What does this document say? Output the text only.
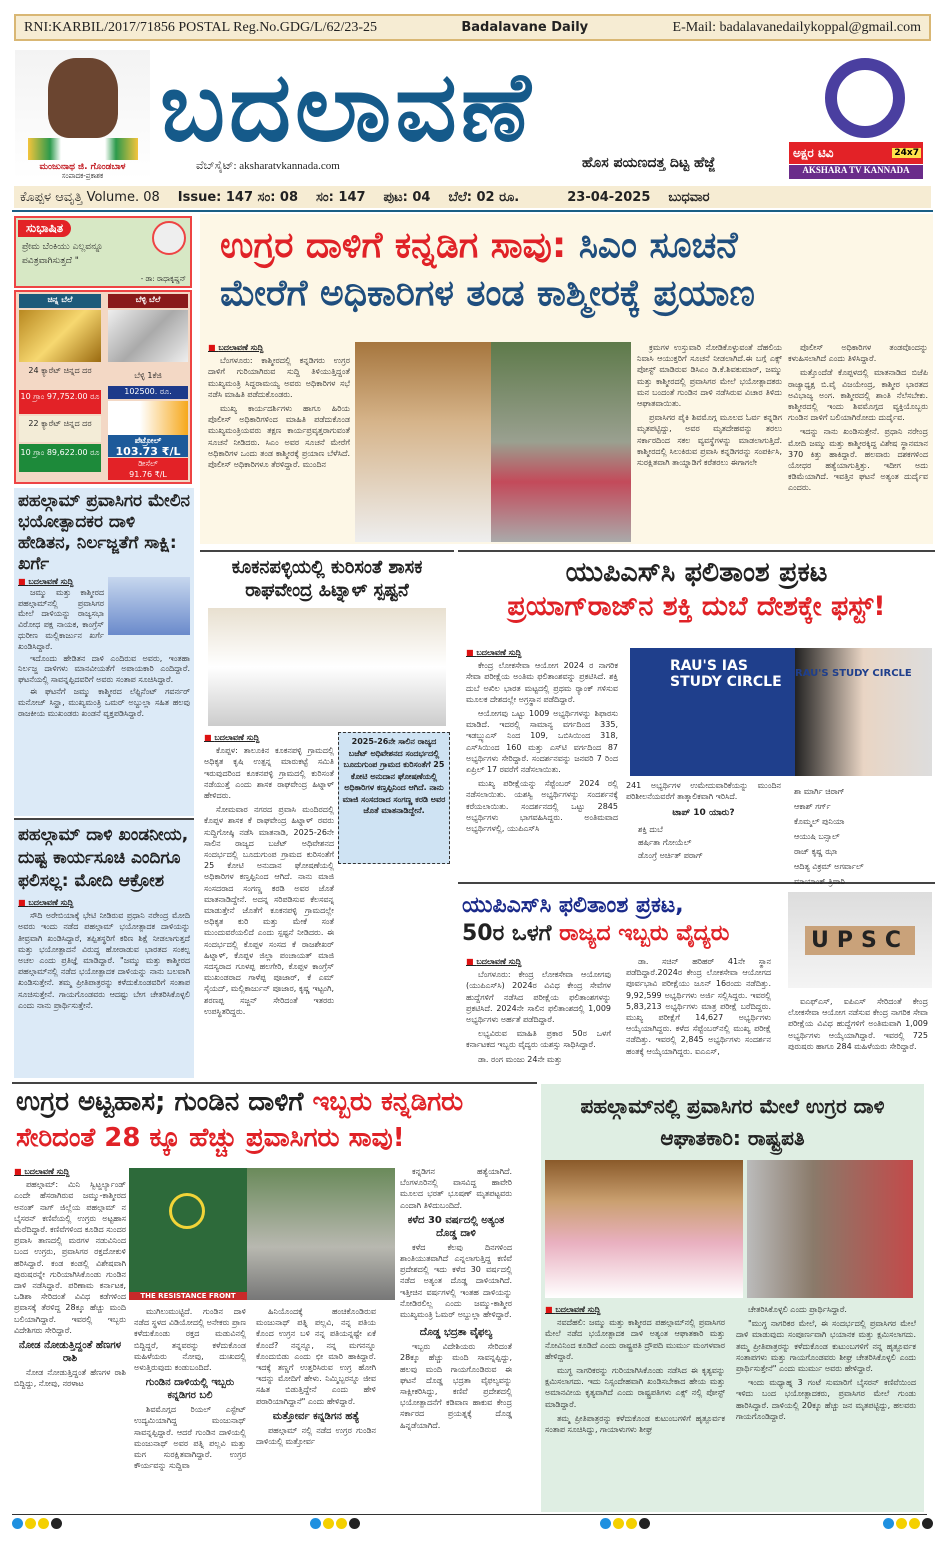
RNI:KARBIL/2017/71856 POSTAL Reg.No.GDG/L/62/23-25	Badalavane Daily	E-Mail: badalavanedailykoppal@gmail.com
ಮಂಜುನಾಥ ಜಿ. ಗೊಂಡಬಾಳ
ಸಂಪಾದಕ-ಪ್ರಕಾಶಕ
ಬದಲಾವಣೆ
ವೆಬ್‌ಸೈಟ್: aksharatvkannada.com	ಹೊಸ ಪಯಣದತ್ತ ದಿಟ್ಟ ಹೆಜ್ಜೆ
ಅಕ್ಷರ ಟಿವಿ	24x7
AKSHARA TV KANNADA
ಕೊಪ್ಪಳ ಆವೃತ್ತಿ Volume. 08 Issue: 147 ಸಂ: 08 ಸಂ: 147 ಪುಟ: 04 ಬೆಲೆ: 02 ರೂ.	23-04-2025 ಬುಧವಾರ
ಸುಭಾಷಿತ
ಪ್ರೇಮ ಬೆಂಕಿಯು ಎಲ್ಲವನ್ನೂ ಪವಿತ್ರವಾಗಿಸುತ್ತದೆ "
- ಡಾ: ರಾಧಾಕೃಷ್ಣನ್
ಚಿನ್ನ ಬೆಲೆ	ಬೆಳ್ಳಿ ಬೆಲೆ
24 ಕ್ಯಾರೆಟ್ ಚಿನ್ನದ ದರ
10 ಗ್ರಾಂ 97,752.00 ರೂ
22 ಕ್ಯಾರೆಟ್ ಚಿನ್ನದ ದರ
10 ಗ್ರಾಂ 89,622.00 ರೂ
ಬೆಳ್ಳಿ 1ಕೆಜಿ
102500. ರೂ.
ಪೆಟ್ರೋಲ್
103.73 ₹/L
ಡೀಸೆಲ್
91.76 ₹/L
ಉಗ್ರರ ದಾಳಿಗೆ ಕನ್ನಡಿಗ ಸಾವು: ಸಿಎಂ ಸೂಚನೆ
ಮೇರೆಗೆ ಅಧಿಕಾರಿಗಳ ತಂಡ ಕಾಶ್ಮೀರಕ್ಕೆ ಪ್ರಯಾಣ
■ ಬದಲಾವಣೆ ಸುದ್ದಿ

ಬೆಂಗಳೂರು: ಕಾಶ್ಮೀರದಲ್ಲಿ ಕನ್ನಡಿಗರು ಉಗ್ರರ ದಾಳಿಗೆ ಗುರಿಯಾಗಿರುವ ಸುದ್ದಿ ತಿಳಿಯುತ್ತಿದ್ದಂತೆ ಮುಖ್ಯಮಂತ್ರಿ ಸಿದ್ದರಾಮಯ್ಯ ಅವರು ಅಧಿಕಾರಿಗಳ ಸಭೆ ನಡೆಸಿ ಮಾಹಿತಿ ಪಡೆದುಕೊಂಡರು.

ಮುಖ್ಯ ಕಾರ್ಯದರ್ಶಿಗಳು ಹಾಗೂ ಹಿರಿಯ ಪೊಲೀಸ್ ಅಧಿಕಾರಿಗಳಿಂದ ಮಾಹಿತಿ ಪಡೆದುಕೊಂಡ ಮುಖ್ಯಮಂತ್ರಿಯವರು ತಕ್ಷಣ ಕಾರ್ಯಪ್ರವೃತ್ತರಾಗುವಂತೆ ಸೂಚನೆ ನೀಡಿದರು. ಸಿಎಂ ಅವರ ಸೂಚನೆ ಮೇರೆಗೆ ಅಧಿಕಾರಿಗಳ ಒಂದು ತಂಡ ಕಾಶ್ಮೀರಕ್ಕೆ ಪ್ರಯಾಣ ಬೆಳೆಸಿದೆ. ಪೊಲೀಸ್ ಅಧಿಕಾರಿಗಳೂ ತೆರಳಿದ್ದಾರೆ. ಮುಂದಿನ

ಕ್ರಮಗಳ ಉಸ್ತುವಾರಿ ನೋಡಿಕೊಳ್ಳುವಂತೆ ದೆಹಲಿಯ ನಿವಾಸಿ ಆಯುಕ್ತರಿಗೆ ಸೂಚನೆ ನೀಡಲಾಗಿದೆ.ಈ ಬಗ್ಗೆ ಎಕ್ಸ್ ಪೋಸ್ಟ್ ಮಾಡಿರುವ ಡಿಸಿಎಂ ಡಿ.ಕೆ.ಶಿವಕುಮಾರ್, ಜಮ್ಮು ಮತ್ತು ಕಾಶ್ಮೀರದಲ್ಲಿ ಪ್ರವಾಸಿಗರ ಮೇಲೆ ಭಯೋತ್ಪಾದಕರು ಮನ ಬಂದಂತೆ ಗುಂಡಿನ ದಾಳಿ ನಡೆಸಿರುವ ವಿಚಾರ ತಿಳಿದು ಆಘಾತವಾಯಿತು.

ಪ್ರವಾಸಿಗರ ಪೈಕಿ ಶಿವಮೊಗ್ಗ ಮೂಲದ ಓರ್ವ ಕನ್ನಡಿಗ ಮೃತಪಟ್ಟಿದ್ದು, ಅವರ ಮೃತದೇಹವನ್ನು ತರಲು ಸರ್ಕಾರದಿಂದ ಸಕಲ ವ್ಯವಸ್ಥೆಗಳನ್ನು ಮಾಡಲಾಗುತ್ತಿದೆ. ಕಾಶ್ಮೀರದಲ್ಲಿ ಸಿಲುಕಿರುವ ಪ್ರವಾಸಿ ಕನ್ನಡಿಗರನ್ನು ಸಂಪರ್ಕಿಸಿ, ಸುರಕ್ಷಿತವಾಗಿ ತಾಯ್ನಾಡಿಗೆ ಕರೆತರಲು ಈಗಾಗಲೇ

ಪೊಲೀಸ್ ಅಧಿಕಾರಿಗಳ ತಂಡವೊಂದನ್ನು ಕಳುಹಿಸಲಾಗಿದೆ ಎಂದು ತಿಳಿಸಿದ್ದಾರೆ.

ಮತ್ತೊಂದೆಡೆ ಕೊಪ್ಪಳದಲ್ಲಿ ಮಾತನಾಡಿದ ಬಿಜೆಪಿ ರಾಜ್ಯಾಧ್ಯಕ್ಷ ಬಿ.ವೈ ವಿಜಯೇಂದ್ರ, ಕಾಶ್ಮೀರ ಭಾರತದ ಅವಿಭಾಜ್ಯ ಅಂಗ. ಕಾಶ್ಮೀರದಲ್ಲಿ ಶಾಂತಿ ನೆಲೆಸಬೇಕು. ಕಾಶ್ಮೀರದಲ್ಲಿ ಇಂದು ಶಿವಮೊಗ್ಗದ ವ್ಯಕ್ತಿಯೊಬ್ಬರು ಗುಂಡಿನ ದಾಳಿಗೆ ಬಲಿಯಾಗಿರೋದು ದುರ್ದೈವ.

ಇದನ್ನು ನಾನು ಖಂಡಿಸುತ್ತೇನೆ. ಪ್ರಧಾನಿ ನರೇಂದ್ರ ಮೋದಿ ಜಮ್ಮು ಮತ್ತು ಕಾಶ್ಮೀರಕ್ಕಿದ್ದ ವಿಶೇಷ ಸ್ಥಾನಮಾನ 370 ಕಿತ್ತು ಹಾಕಿದ್ದಾರೆ. ಹಲವಾರು ದಶಕಗಳಿಂದ ಯೋಧರ ಹತ್ಯೆಯಾಗುತ್ತಿತ್ತು. ಇದೀಗ ಅದು ಕಡಿಮೆಯಾಗಿದೆ. ಇವತ್ತಿನ ಘಟನೆ ಅತ್ಯಂತ ದುರ್ದೈವ ಎಂದರು.

ಪಹಲ್ಗಾಮ್ ಪ್ರವಾಸಿಗರ ಮೇಲಿನ ಭಯೋತ್ಪಾದಕರ ದಾಳಿ ಹೇಡಿತನ, ನಿರ್ಲಜ್ಜತೆಗೆ ಸಾಕ್ಷಿ: ಖರ್ಗೆ
■ ಬದಲಾವಣೆ ಸುದ್ದಿ

ಜಮ್ಮು ಮತ್ತು ಕಾಶ್ಮೀರದ ಪಹಲ್ಗಾಮ್‌ನಲ್ಲಿ ಪ್ರವಾಸಿಗರ ಮೇಲೆ ದಾಳಿಯನ್ನು ರಾಜ್ಯಸಭಾ ವಿರೋಧ ಪಕ್ಷ ನಾಯಕ, ಕಾಂಗ್ರೆಸ್ ಧುರೀಣ ಮಲ್ಲಿಕಾರ್ಜುನ ಖರ್ಗೆ ಖಂಡಿಸಿದ್ದಾರೆ.

ಇದೊಂದು ಹೇಡಿತನ ದಾಳಿ ಎಂದಿರುವ ಅವರು, ಇಂತಹಾ ನಿರ್ಲಜ್ಜ ದಾಳಿಗಳು ಮಾನವೀಯತೆಗೆ ಅಪಾಯಕಾರಿ ಎಂದಿದ್ದಾರೆ. ಘಟನೆಯಲ್ಲಿ ಸಾವನ್ನಪ್ಪಿದವರಿಗೆ ಅವರು ಸಂತಾಪ ಸೂಚಿಸಿದ್ದಾರೆ.

ಈ ಘಟನೆಗೆ ಜಮ್ಮು ಕಾಶ್ಮೀರದ ಲೆಫ್ಟಿನೆಂಟ್ ಗವರ್ನರ್ ಮನೋಜ್ ಸಿನ್ಹಾ, ಮುಖ್ಯಮಂತ್ರಿ ಒಮರ್ ಅಬ್ದುಲ್ಲಾ ಸಹಿತ ಹಲವು ರಾಜಕೀಯ ಮುಖಂಡರು ಖಂಡನೆ ವ್ಯಕ್ತಪಡಿಸಿದ್ದಾರೆ.

ಪಹಲ್ಗಾಮ್ ದಾಳಿ ಖಂಡನೀಯ, ದುಷ್ಟ ಕಾರ್ಯಸೂಚಿ ಎಂದಿಗೂ ಫಲಿಸಲ್ಲ: ಮೋದಿ ಆಕ್ರೋಶ
■ ಬದಲಾವಣೆ ಸುದ್ದಿ

ಸೌದಿ ಅರೇಬಿಯಾಕ್ಕೆ ಭೇಟಿ ನೀಡಿರುವ ಪ್ರಧಾನಿ ನರೇಂದ್ರ ಮೋದಿ ಅವರು ಇಂದು ನಡೆದ ಪಹಲ್ಗಾಮ್ ಭಯೋತ್ಪಾದಕ ದಾಳಿಯನ್ನು ತೀವ್ರವಾಗಿ ಖಂಡಿಸಿದ್ದಾರೆ, ತಪ್ಪಿತಸ್ಥರಿಗೆ ಕಠಿಣ ಶಿಕ್ಷೆ ನೀಡಲಾಗುತ್ತದೆ ಮತ್ತು ಭಯೋತ್ಪಾದನೆ ವಿರುದ್ಧ ಹೋರಾಡುವ ಭಾರತದ ಸಂಕಲ್ಪ ಅಚಲ ಎಂದು ಪ್ರತಿಜ್ಞೆ ಮಾಡಿದ್ದಾರೆ. "ಜಮ್ಮು ಮತ್ತು ಕಾಶ್ಮೀರದ ಪಹಲ್ಗಾಮ್‌ನಲ್ಲಿ ನಡೆದ ಭಯೋತ್ಪಾದಕ ದಾಳಿಯನ್ನು ನಾನು ಬಲವಾಗಿ ಖಂಡಿಸುತ್ತೇನೆ. ತಮ್ಮ ಪ್ರೀತಿಪಾತ್ರರನ್ನು ಕಳೆದುಕೊಂಡವರಿಗೆ ಸಂತಾಪ ಸೂಚಿಸುತ್ತೇನೆ. ಗಾಯಗೊಂಡವರು ಆದಷ್ಟು ಬೇಗ ಚೇತರಿಸಿಕೊಳ್ಳಲಿ ಎಂದು ನಾನು ಪ್ರಾರ್ಥಿಸುತ್ತೇನೆ.

ಕೂಕನಪಳ್ಳಿಯಲ್ಲಿ ಕುರಿಸಂತೆ ಶಾಸಕ ರಾಘವೇಂದ್ರ ಹಿಟ್ನಾಳ್ ಸ್ಪಷ್ಟನೆ
2025-26ನೇ ಸಾಲಿನ ರಾಜ್ಯದ ಬಜೆಟ್ ಅಧಿವೇಶನದ ಸಂದರ್ಭದಲ್ಲಿ ಬೂದುಗುಂಪ ಗ್ರಾಮದ ಕುರಿಸಂತೆಗೆ 25 ಕೋಟಿ ಅನುದಾನ ಘೋಷಣೆಯಲ್ಲಿ ಅಧಿಕಾರಿಗಳ ಕಣ್ತಪ್ಪಿನಿಂದ ಆಗಿದೆ. ನಾನು ಮಾಜಿ ಸಂಸದರಾದ ಸಂಗಣ್ಣ ಕರಡಿ ಅವರ ಜೊತೆ ಮಾತನಾಡಿದ್ದೇನೆ.
■ ಬದಲಾವಣೆ ಸುದ್ದಿ

ಕೊಪ್ಪಳ: ತಾಲೂಕಿನ ಕೂಕನಪಳ್ಳಿ ಗ್ರಾಮದಲ್ಲಿ ಅಧಿಕೃತ ಕೃಷಿ ಉತ್ಪನ್ನ ಮಾರುಕಟ್ಟೆ ಸಮಿತಿ ಇರುವುದರಿಂದ ಕೂಕನಪಳ್ಳಿ ಗ್ರಾಮದಲ್ಲಿ ಕುರಿಸಂತೆ ನಡೆಯುತ್ತೆ ಎಂದು ಶಾಸಕ ರಾಘವೇಂದ್ರ ಹಿಟ್ನಾಳ್ ಹೇಳಿದರು.

ಸೋಮವಾರ ನಗರದ ಪ್ರವಾಸಿ ಮಂದಿರದಲ್ಲಿ ಕೊಪ್ಪಳ ಶಾಸಕ ಕೆ ರಾಘವೇಂದ್ರ ಹಿಟ್ನಾಳ್ ರವರು ಸುದ್ದಿಗೋಷ್ಠಿ ನಡೆಸಿ ಮಾತನಾಡಿ, 2025-26ನೇ ಸಾಲಿನ ರಾಜ್ಯದ ಬಜೆಟ್ ಅಧಿವೇಶನದ ಸಂದರ್ಭದಲ್ಲಿ ಬೂದುಗುಂಪ ಗ್ರಾಮದ ಕುರಿಸಂತೆಗೆ 25 ಕೋಟಿ ಅನುದಾನ ಘೋಷಣೆಯಲ್ಲಿ ಅಧಿಕಾರಿಗಳ ಕಣ್ತಪ್ಪಿನಿಂದ ಆಗಿದೆ. ನಾನು ಮಾಜಿ ಸಂಸದರಾದ ಸಂಗಣ್ಣ ಕರಡಿ ಅವರ ಜೊತೆ ಮಾತನಾಡಿದ್ದೇನೆ. ಅದನ್ನ ಸರಿಪಡಿಸುವ ಕೆಲಸವನ್ನ ಮಾಡುತ್ತೇನೆ ಜೊತೆಗೆ ಕೂಕನಪಳ್ಳಿ ಗ್ರಾಮದಲ್ಲೇ ಅಧಿಕೃತ ಕುರಿ ಮತ್ತು ಮೇಕೆ ಸಂತೆ ಮುಂದುವರೆಯಲಿದೆ ಎಂದು ಸ್ಪಷ್ಟನೆ ನೀಡಿದರು. ಈ ಸಂದರ್ಭದಲ್ಲಿ ಕೊಪ್ಪಳ ಸಂಸದ ಕೆ ರಾಜಶೇಖರ್ ಹಿಟ್ನಾಳ್, ಕೊಪ್ಪಳ ಜಿಲ್ಲಾ ಪಂಚಾಯತ್ ಮಾಜಿ ಸದಸ್ಯರಾದ ಗೂಳಪ್ಪ ಹಲಗೇರಿ, ಕೊಪ್ಪಳ ಕಾಂಗ್ರೆಸ್ ಮುಖಂಡರಾದ ಗಾಳೆಪ್ಪ ಪೂಜಾರ್, ಕೆ ಎಮ್ ಸೈಯದ್, ಮಲ್ಲಿಕಾರ್ಜುನ್ ಪೂಜಾರ, ಕೃಷ್ಣ ಇಟ್ಟಂಗಿ, ಶರಣಪ್ಪ ಸಜ್ಜನ್ ಸೇರಿದಂತೆ ಇತರರು ಉಪಸ್ಥಿತರಿದ್ದರು.

ಯುಪಿಎಸ್‌ಸಿ ಫಲಿತಾಂಶ ಪ್ರಕಟ
ಪ್ರಯಾಗ್‌ರಾಜ್‌ನ ಶಕ್ತಿ ದುಬೆ ದೇಶಕ್ಕೇ ಫಸ್ಟ್!
■ ಬದಲಾವಣೆ ಸುದ್ದಿ

ಕೇಂದ್ರ ಲೋಕಸೇವಾ ಆಯೋಗ 2024 ರ ನಾಗರಿಕ ಸೇವಾ ಪರೀಕ್ಷೆಯ ಅಂತಿಮ ಫಲಿತಾಂಶವನ್ನು ಪ್ರಕಟಿಸಿದೆ. ಶಕ್ತಿ ದುಬೆ ಅಖಿಲ ಭಾರತ ಮಟ್ಟದಲ್ಲಿ ಪ್ರಥಮ ರ‍್ಯಾಂಕ್ ಗಳಿಸುವ ಮೂಲಕ ದೇಶದಲ್ಲೇ ಅಗ್ರಸ್ಥಾನ ಪಡೆದಿದ್ದಾರೆ.

ಆಯೋಗವು ಒಟ್ಟು 1009 ಅಭ್ಯರ್ಥಿಗಳನ್ನು ಶಿಫಾರಸು ಮಾಡಿದೆ. ಇದರಲ್ಲಿ ಸಾಮಾನ್ಯ ವರ್ಗದಿಂದ 335, ಇಡಬ್ಲ್ಯುಎಸ್ ನಿಂದ 109, ಒಬಿಸಿಯಿಂದ 318, ಎಸ್‌ಸಿಯಿಂದ 160 ಮತ್ತು ಎಸ್‌ಟಿ ವರ್ಗದಿಂದ 87 ಅಭ್ಯರ್ಥಿಗಳು ಸೇರಿದ್ದಾರೆ. ಸಂದರ್ಶನವನ್ನು ಜನವರಿ 7 ರಿಂದ ಏಪ್ರಿಲ್ 17 ರವರೆಗೆ ನಡೆಸಲಾಯಿತು.

ಮುಖ್ಯ ಪರೀಕ್ಷೆಯನ್ನು ಸೆಪ್ಟೆಂಬರ್ 2024 ರಲ್ಲಿ ನಡೆಸಲಾಯಿತು. ಯಶಸ್ವಿ ಅಭ್ಯರ್ಥಿಗಳನ್ನು ಸಂದರ್ಶನಕ್ಕೆ ಕರೆಯಲಾಯಿತು. ಸಂದರ್ಶನದಲ್ಲಿ ಒಟ್ಟು 2845 ಅಭ್ಯರ್ಥಿಗಳು ಭಾಗವಹಿಸಿದ್ದರು. ಅಂತಿಮವಾದ ಅಭ್ಯರ್ಥಿಗಳಲ್ಲಿ, ಯುಪಿಎಸ್‌ಸಿ

RAU'S IAS STUDY CIRCLE
RAU'S STUDY CIRCLE
241 ಅಭ್ಯರ್ಥಿಗಳ ಉಮೇದುವಾರಿಕೆಯನ್ನು ಮುಂದಿನ ಪರಿಶೀಲನೆಯವರೆಗೆ ತಾತ್ಕಾಲಿಕವಾಗಿ ಇರಿಸಿದೆ.
ಟಾಪ್ 10 ಯಾರು?
ಶಕ್ತಿ ದುಬೆ
ಹರ್ಷಿತಾ ಗೋಯೆಲ್
ಡೊಂಗ್ರೆ ಅರ್ಚಿತ್ ಪರಾಗ್
ಶಾ ಮಾರ್ಗಿ ಚಿರಾಗ್
ಆಕಾಶ್ ಗರ್ಗ್
ಕೊಮ್ಮಲ್ ಪುನಿಯಾ
ಆಯುಷಿ ಬನ್ಸಾಲ್
ರಾಜ್ ಕೃಷ್ಣ ಝಾ
ಆದಿತ್ಯ ವಿಕ್ರಮ್ ಅಗರ್ವಾಲ್
ಮಾಯಾಂಕ್ ತ್ರಿಪಾಠಿ
ಯುಪಿಎಸ್‌ಸಿ ಫಲಿತಾಂಶ ಪ್ರಕಟ,
50ರ ಒಳಗೆ ರಾಜ್ಯದ ಇಬ್ಬರು ವೈದ್ಯರು	UPSC
■ ಬದಲಾವಣೆ ಸುದ್ದಿ

ಬೆಂಗಳೂರು: ಕೇಂದ್ರ ಲೋಕಸೇವಾ ಆಯೋಗವು (ಯುಪಿಎಸ್‌ಸಿ) 2024ರ ವಿವಿಧ ಕೇಂದ್ರ ಸೇವೆಗಳ ಹುದ್ದೆಗಳಿಗೆ ನಡೆಸಿದ ಪರೀಕ್ಷೆಯ ಫಲಿತಾಂಶಗಳನ್ನು ಪ್ರಕಟಿಸಿದೆ. 2024ನೇ ಸಾಲಿನ ಫಲಿತಾಂಶದಲ್ಲಿ 1,009 ಅಭ್ಯರ್ಥಿಗಳು ಅರ್ಹತೆ ಪಡೆದಿದ್ದಾರೆ.

ಲಭ್ಯವಿರುವ ಮಾಹಿತಿ ಪ್ರಕಾರ 50ರ ಒಳಗೆ ಕರ್ನಾಟಕದ ಇಬ್ಬರು ವೈದ್ಯರು ಯಶಸ್ಸು ಸಾಧಿಸಿದ್ದಾರೆ.

ಡಾ. ರಂಗ ಮಂಜು 24ನೇ ಮತ್ತು

ಡಾ. ಸಚಿನ್ ಹರಿಹರ್ 41ನೇ ಸ್ಥಾನ ಪಡೆದಿದ್ದಾರೆ.2024ರ ಕೇಂದ್ರ ಲೋಕಸೇವಾ ಆಯೋಗದ ಪೂರ್ವಭಾವಿ ಪರೀಕ್ಷೆಯು ಜೂನ್ 16ರಂದು ನಡೆದಿತ್ತು. 9,92,599 ಅಭ್ಯರ್ಥಿಗಳು ಅರ್ಜಿ ಸಲ್ಲಿಸಿದ್ದರು. ಇವರಲ್ಲಿ 5,83,213 ಅಭ್ಯರ್ಥಿಗಳು ಮಾತ್ರ ಪರೀಕ್ಷೆ ಬರೆದಿದ್ದರು. ಮುಖ್ಯ ಪರೀಕ್ಷೆಗೆ 14,627 ಅಭ್ಯರ್ಥಿಗಳು ಆಯ್ಕೆಯಾಗಿದ್ದರು. ಕಳೆದ ಸೆಪ್ಟೆಂಬರ್‌ನಲ್ಲಿ ಮುಖ್ಯ ಪರೀಕ್ಷೆ ನಡೆದಿತ್ತು. ಇವರಲ್ಲಿ 2,845 ಅಭ್ಯರ್ಥಿಗಳು ಸಂದರ್ಶನ ಹಂತಕ್ಕೆ ಆಯ್ಕೆಯಾಗಿದ್ದರು. ಐಎಎಸ್,

ಐಎಫ್‌ಎಸ್, ಐಪಿಎಸ್ ಸೇರಿದಂತೆ ಕೇಂದ್ರ ಲೋಕಸೇವಾ ಆಯೋಗ ನಡೆಸುವ ಕೇಂದ್ರ ನಾಗರಿಕ ಸೇವಾ ಪರೀಕ್ಷೆಯ ವಿವಿಧ ಹುದ್ದೆಗಳಿಗೆ ಅಂತಿಮವಾಗಿ 1,009 ಅಭ್ಯರ್ಥಿಗಳು ಆಯ್ಕೆಯಾಗಿದ್ದಾರೆ. ಇವರಲ್ಲಿ 725 ಪುರುಷರು ಹಾಗೂ 284 ಮಹಿಳೆಯರು ಸೇರಿದ್ದಾರೆ.

ಉಗ್ರರ ಅಟ್ಟಹಾಸ; ಗುಂಡಿನ ದಾಳಿಗೆ ಇಬ್ಬರು ಕನ್ನಡಿಗರು
ಸೇರಿದಂತೆ 28 ಕ್ಕೂ ಹೆಚ್ಚು ಪ್ರವಾಸಿಗರು ಸಾವು!
■ ಬದಲಾವಣೆ ಸುದ್ದಿ

ಪಹಲ್ಗಾಮ್: ಮಿನಿ ಸ್ವಿಟ್ಜರ್ಲ್ಯಾಂಡ್ ಎಂದೇ ಹೆಸರಾಗಿರುವ ಜಮ್ಮು-ಕಾಶ್ಮೀರದ ಅನಂತ್ ನಾಗ್ ಜಿಲ್ಲೆಯ ಪಹಲ್ಗಾಮ್ ನ ಬೈಸರನ್ ಕಣಿವೆಯಲ್ಲಿ ಉಗ್ರರು ಅಟ್ಟಹಾಸ ಮೆರೆದಿದ್ದಾರೆ. ಕಣಿವೆಗಳಿಂದ ಕೂಡಿದ ಸುಂದರ ಪ್ರವಾಸಿ ತಾಣದಲ್ಲಿ ಮರಗಳ ನಡುವಿನಿಂದ ಬಂದ ಉಗ್ರರು, ಪ್ರವಾಸಿಗರ ರಕ್ತದೋಕುಳಿ ಹರಿಸಿದ್ದಾರೆ. ಕಂಡ ಕಂಡಲ್ಲಿ ವಿಶೇಷವಾಗಿ ಪುರುಷರನ್ನೇ ಗುರಿಯಾಗಿಸಿಕೊಂಡು ಗುಂಡಿನ ದಾಳಿ ನಡೆಸಿದ್ದಾರೆ. ಪರಿಣಾಮ ಕರ್ನಾಟಕ, ಒಡಿಶಾ ಸೇರಿದಂತೆ ವಿವಿಧ ಕಡೆಗಳಿಂದ ಪ್ರವಾಸಕ್ಕೆ ತೆರಳಿದ್ದ 28ಕ್ಕೂ ಹೆಚ್ಚು ಮಂದಿ ಬಲಿಯಾಗಿದ್ದಾರೆ. ಇವರಲ್ಲಿ ಇಬ್ಬರು ವಿದೇಶಿಗರು ಸೇರಿದ್ದಾರೆ.

ನೋಡ ನೋಡುತ್ತಿದ್ದಂತೆ ಹೆಣಗಳ ರಾಶಿ

ನೋಡ ನೋಡುತ್ತಿದ್ದಂತೆ ಹೆಣಗಳ ರಾಶಿ ಬಿದ್ದಿದ್ದು, ನೋವು, ನರಳಾಟ

THE RESISTANCE FRONT

ಮುಗಿಲುಮುಟ್ಟಿದೆ. ಗುಂಡಿನ ದಾಳಿ ನಡೆದ ಸ್ಥಳದ ವಿಡಿಯೋದಲ್ಲಿ ಅನೇಕರು ಪ್ರಾಣ ಕಳೆದುಕೊಂಡು ರಕ್ತದ ಮಡುವಿನಲ್ಲಿ ಬಿದ್ದಿದ್ದರೆ, ತನ್ನವರನ್ನು ಕಳೆದುಕೊಂಡ ಮಹಿಳೆಯರು ನೋವು, ದುಃಖದಲ್ಲಿ ಅಳುತ್ತಿರುವುದು ಕಂಡುಬಂದಿದೆ.

ಗುಂಡಿನ ದಾಳಿಯಲ್ಲಿ ಇಬ್ಬರು ಕನ್ನಡಿಗರ ಬಲಿ

ಶಿವಮೊಗ್ಗದ ರಿಯಲ್ ಎಸ್ಟೇಟ್ ಉದ್ಯಮಿಯಾಗಿದ್ದ ಮಂಜುನಾಥ್ ಸಾವನ್ನಪ್ಪಿದ್ದಾರೆ. ಆದರೆ ಗುಂಡಿನ ದಾಳಿಯಲ್ಲಿ ಮಂಜುನಾಥ್ ಅವರ ಪತ್ನಿ ಪಲ್ಲವಿ ಮತ್ತು ಮಗ ಸುರಕ್ಷಿತವಾಗಿದ್ದಾರೆ. ಉಗ್ರರ ಕೌರ್ಯವನ್ನು ಸುದ್ದಿವಾ

ಹಿನಿಯೊಂದಕ್ಕೆ ಹಂಚಿಕೊಂಡಿರುವ ಮಂಜುನಾಥ್ ಪತ್ನಿ ಪಲ್ಲವಿ, ನನ್ನ ಪತಿಯ ಕೊಂದ ಉಗ್ರನ ಬಳಿ ನನ್ನ ಪತಿಯನ್ನಷ್ಟೇ ಏಕೆ ಕೊಂದೆ? ನನ್ನನ್ನೂ, ನನ್ನ ಮಗನನ್ನೂ ಕೊಂದುಬಿಡು ಎಂದು ಛೀ ಮಾರಿ ಹಾಕಿದ್ದಾರೆ. ಇದಕ್ಕೆ ತಣ್ಣಗೆ ಉತ್ತರಿಸಿರುವ ಉಗ್ರ ಹೋಗಿ ಇದನ್ನು ಮೋದಿಗೆ ಹೇಳು. ನಿಮ್ಮಿಬ್ಬರನ್ನೂ ಜೀವ ಸಹಿತ ಬಿಡುತ್ತಿದ್ದೇನೆ ಎಂದು ಹೇಳಿ ಪರಾರಿಯಾಗಿದ್ದಾನೆ" ಎಂದು ಹೇಳಿದ್ದಾರೆ.

ಮತ್ತೋರ್ವ ಕನ್ನಡಿಗನ ಹತ್ಯೆ

ಪಹಲ್ಗಾಮ್ ನಲ್ಲಿ ನಡೆದ ಉಗ್ರರ ಗುಂಡಿನ ದಾಳಿಯಲ್ಲಿ ಮತ್ತೋರ್ವ

ಕನ್ನಡಿಗನ ಹತ್ಯೆಯಾಗಿದೆ. ಬೆಂಗಳೂರಿನಲ್ಲಿ ವಾಸವಿದ್ದ ಹಾವೇರಿ ಮೂಲದ ಭರತ್ ಭೂಷಣ್ ಮೃತಪಟ್ಟವರು ಎಂದಾಗಿ ತಿಳಿದುಬಂದಿದೆ.

ಕಳೆದ 30 ವರ್ಷದಲ್ಲಿ ಅತ್ಯಂತ ದೊಡ್ಡ ದಾಳಿ

ಕಳೆದ ಕೆಲವು ದಿನಗಳಿಂದ ಶಾಂತಿಯುತವಾಗಿದೆ ಎನ್ನಲಾಗುತ್ತಿದ್ದ ಕಣಿವೆ ಪ್ರದೇಶದಲ್ಲಿ ಇದು ಕಳೆದ 30 ವರ್ಷದಲ್ಲಿ ನಡೆದ ಅತ್ಯಂತ ದೊಡ್ಡ ದಾಳಿಯಾಗಿದೆ. ಇತ್ತೀಚಿನ ವರ್ಷಗಳಲ್ಲಿ ಇಂತಹ ದಾಳಿಯನ್ನು ನೋಡಿರಲಿಲ್ಲ ಎಂದು ಜಮ್ಮು-ಕಾಶ್ಮೀರ ಮುಖ್ಯಮಂತ್ರಿ ಓಮರ್ ಅಬ್ದುಲ್ಲಾ ಹೇಳಿದ್ದಾರೆ.

ದೊಡ್ಡ ಭದ್ರತಾ ವೈಫಲ್ಯ

ಇಬ್ಬರು ವಿದೇಶಿಯರು ಸೇರಿದಂತೆ 28ಕ್ಕೂ ಹೆಚ್ಚು ಮಂದಿ ಸಾವನ್ನಪ್ಪಿದ್ದು, ಹಲವು ಮಂದಿ ಗಾಯಗೊಂಡಿರುವ ಈ ಘಟನೆ ದೊಡ್ಡ ಭದ್ರತಾ ವೈಫಲ್ಯವನ್ನು ಸಾಕ್ಷೀಕರಿಸಿದ್ದು, ಕಣಿವೆ ಪ್ರದೇಶದಲ್ಲಿ ಭಯೋತ್ಪಾದನೆಗೆ ಕಡಿವಾಣ ಹಾಕುವ ಕೇಂದ್ರ ಸರ್ಕಾರದ ಪ್ರಯತ್ನಕ್ಕೆ ದೊಡ್ಡ ಹಿನ್ನಡೆಯಾಗಿದೆ.

ಪಹಲ್ಗಾಮ್‌ನಲ್ಲಿ ಪ್ರವಾಸಿಗರ ಮೇಲೆ ಉಗ್ರರ ದಾಳಿ ಆಘಾತಕಾರಿ: ರಾಷ್ಟ್ರಪತಿ
■ ಬದಲಾವಣೆ ಸುದ್ದಿ

ನವದೆಹಲಿ: ಜಮ್ಮು ಮತ್ತು ಕಾಶ್ಮೀರದ ಪಹಲ್ಗಾಮ್‌ನಲ್ಲಿ ಪ್ರವಾಸಿಗರ ಮೇಲೆ ನಡೆದ ಭಯೋತ್ಪಾದಕ ದಾಳಿ ಅತ್ಯಂತ ಆಘಾತಕಾರಿ ಮತ್ತು ನೋವಿನಿಂದ ಕೂಡಿದೆ ಎಂದು ರಾಷ್ಟ್ರಪತಿ ದ್ರೌಪದಿ ಮುರ್ಮು ಮಂಗಳವಾರ ಹೇಳಿದ್ದಾರೆ.

ಮುಗ್ಧ ನಾಗರಿಕರನ್ನು ಗುರಿಯಾಗಿಸಿಕೊಂಡು ನಡೆಸಿದ ಈ ಕೃತ್ಯವನ್ನು ಕ್ಷಮಿಸಲಾಗದು. ಇದು ನಿಸ್ಸಂದೇಹವಾಗಿ ಖಂಡಿಸಬೇಕಾದ ಹೇಯ ಮತ್ತು ಅಮಾನವೀಯ ಕೃತ್ಯವಾಗಿದೆ ಎಂದು ರಾಷ್ಟ್ರಪತಿಗಳು ಎಕ್ಸ್ ನಲ್ಲಿ ಪೋಸ್ಟ್ ಮಾಡಿದ್ದಾರೆ.

ತಮ್ಮ ಪ್ರೀತಿಪಾತ್ರರನ್ನು ಕಳೆದುಕೊಂಡ ಕುಟುಂಬಗಳಿಗೆ ಹೃತ್ಪೂರ್ವಕ ಸಂತಾಪ ಸೂಚಿಸಿದ್ದು, ಗಾಯಾಳುಗಳು ಶೀಘ್ರ

ಚೇತರಿಸಿಕೊಳ್ಳಲಿ ಎಂದು ಪ್ರಾರ್ಥಿಸಿದ್ದಾರೆ.

"ಮುಗ್ಧ ನಾಗರಿಕರ ಮೇಲೆ, ಈ ಸಂದರ್ಭದಲ್ಲಿ ಪ್ರವಾಸಿಗರ ಮೇಲೆ ದಾಳಿ ಮಾಡುವುದು ಸಂಪೂರ್ಣವಾಗಿ ಭಯಾನಕ ಮತ್ತು ಕ್ಷಮಿಸಲಾಗದು. ತಮ್ಮ ಪ್ರೀತಿಪಾತ್ರರನ್ನು ಕಳೆದುಕೊಂಡ ಕುಟುಂಬಗಳಿಗೆ ನನ್ನ ಹೃತ್ಪೂರ್ವಕ ಸಂತಾಪಗಳು ಮತ್ತು ಗಾಯಗೊಂಡವರು ಶೀಘ್ರ ಚೇತರಿಸಿಕೊಳ್ಳಲಿ ಎಂದು ಪ್ರಾರ್ಥಿಸುತ್ತೇನೆ" ಎಂದು ಮುರ್ಮು ಅವರು ಹೇಳಿದ್ದಾರೆ.

ಇಂದು ಮಧ್ಯಾಹ್ನ 3 ಗಂಟೆ ಸುಮಾರಿಗೆ ಬೈಸರನ್ ಕಣಿವೆಯಿಂದ ಇಳಿದು ಬಂದ ಭಯೋತ್ಪಾದಕರು, ಪ್ರವಾಸಿಗರ ಮೇಲೆ ಗುಂಡು ಹಾರಿಸಿದ್ದಾರೆ. ದಾಳಿಯಲ್ಲಿ 20ಕ್ಕೂ ಹೆಚ್ಚು ಜನ ಮೃತಪಟ್ಟಿದ್ದು, ಹಲವರು ಗಾಯಗೊಂಡಿದ್ದಾರೆ.
